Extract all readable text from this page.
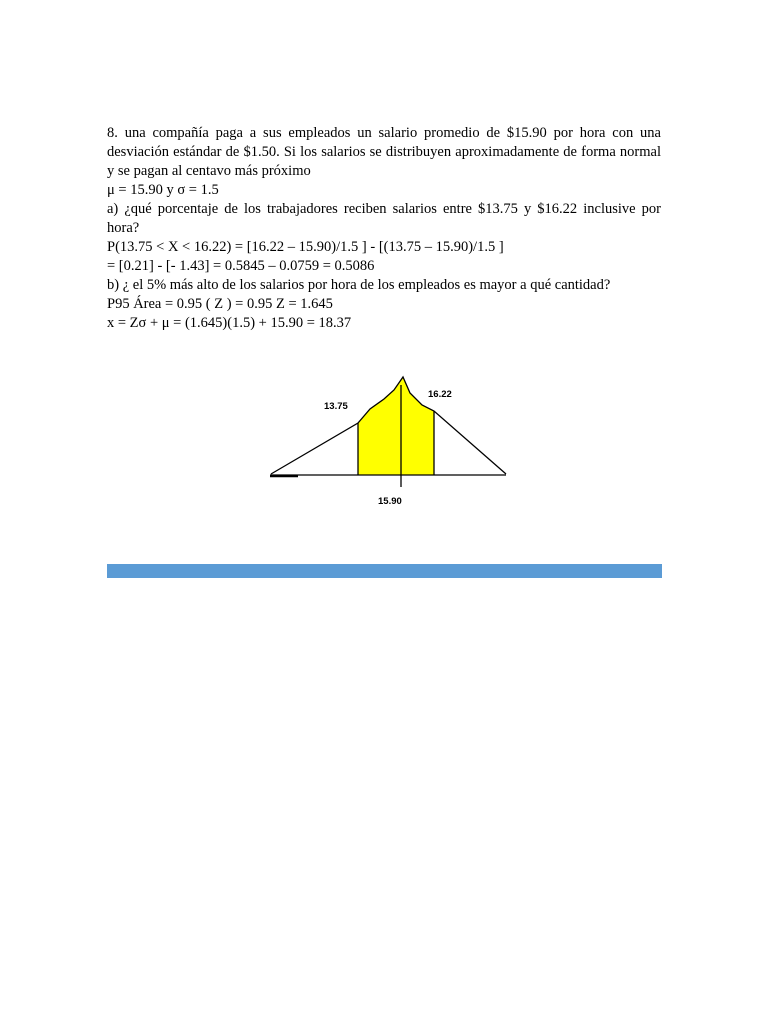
8. una compañía paga a sus empleados un salario promedio de $15.90 por hora con una desviación estándar de $1.50. Si los salarios se distribuyen aproximadamente de forma normal y se pagan al centavo más próximo
μ = 15.90 y σ = 1.5
a) ¿qué porcentaje de los trabajadores reciben salarios entre $13.75 y $16.22 inclusive por hora?
P(13.75 < X < 16.22) = [16.22 – 15.90)/1.5 ] - [(13.75 – 15.90)/1.5 ]
= [0.21] - [- 1.43] = 0.5845 – 0.0759 = 0.5086
b) ¿ el 5% más alto de los salarios por hora de los empleados es mayor a qué cantidad?
P95 Área = 0.95 ( Z ) = 0.95 Z = 1.645
x = Zσ + μ = (1.645)(1.5) + 15.90 = 18.37
13.75
16.22
15.90
